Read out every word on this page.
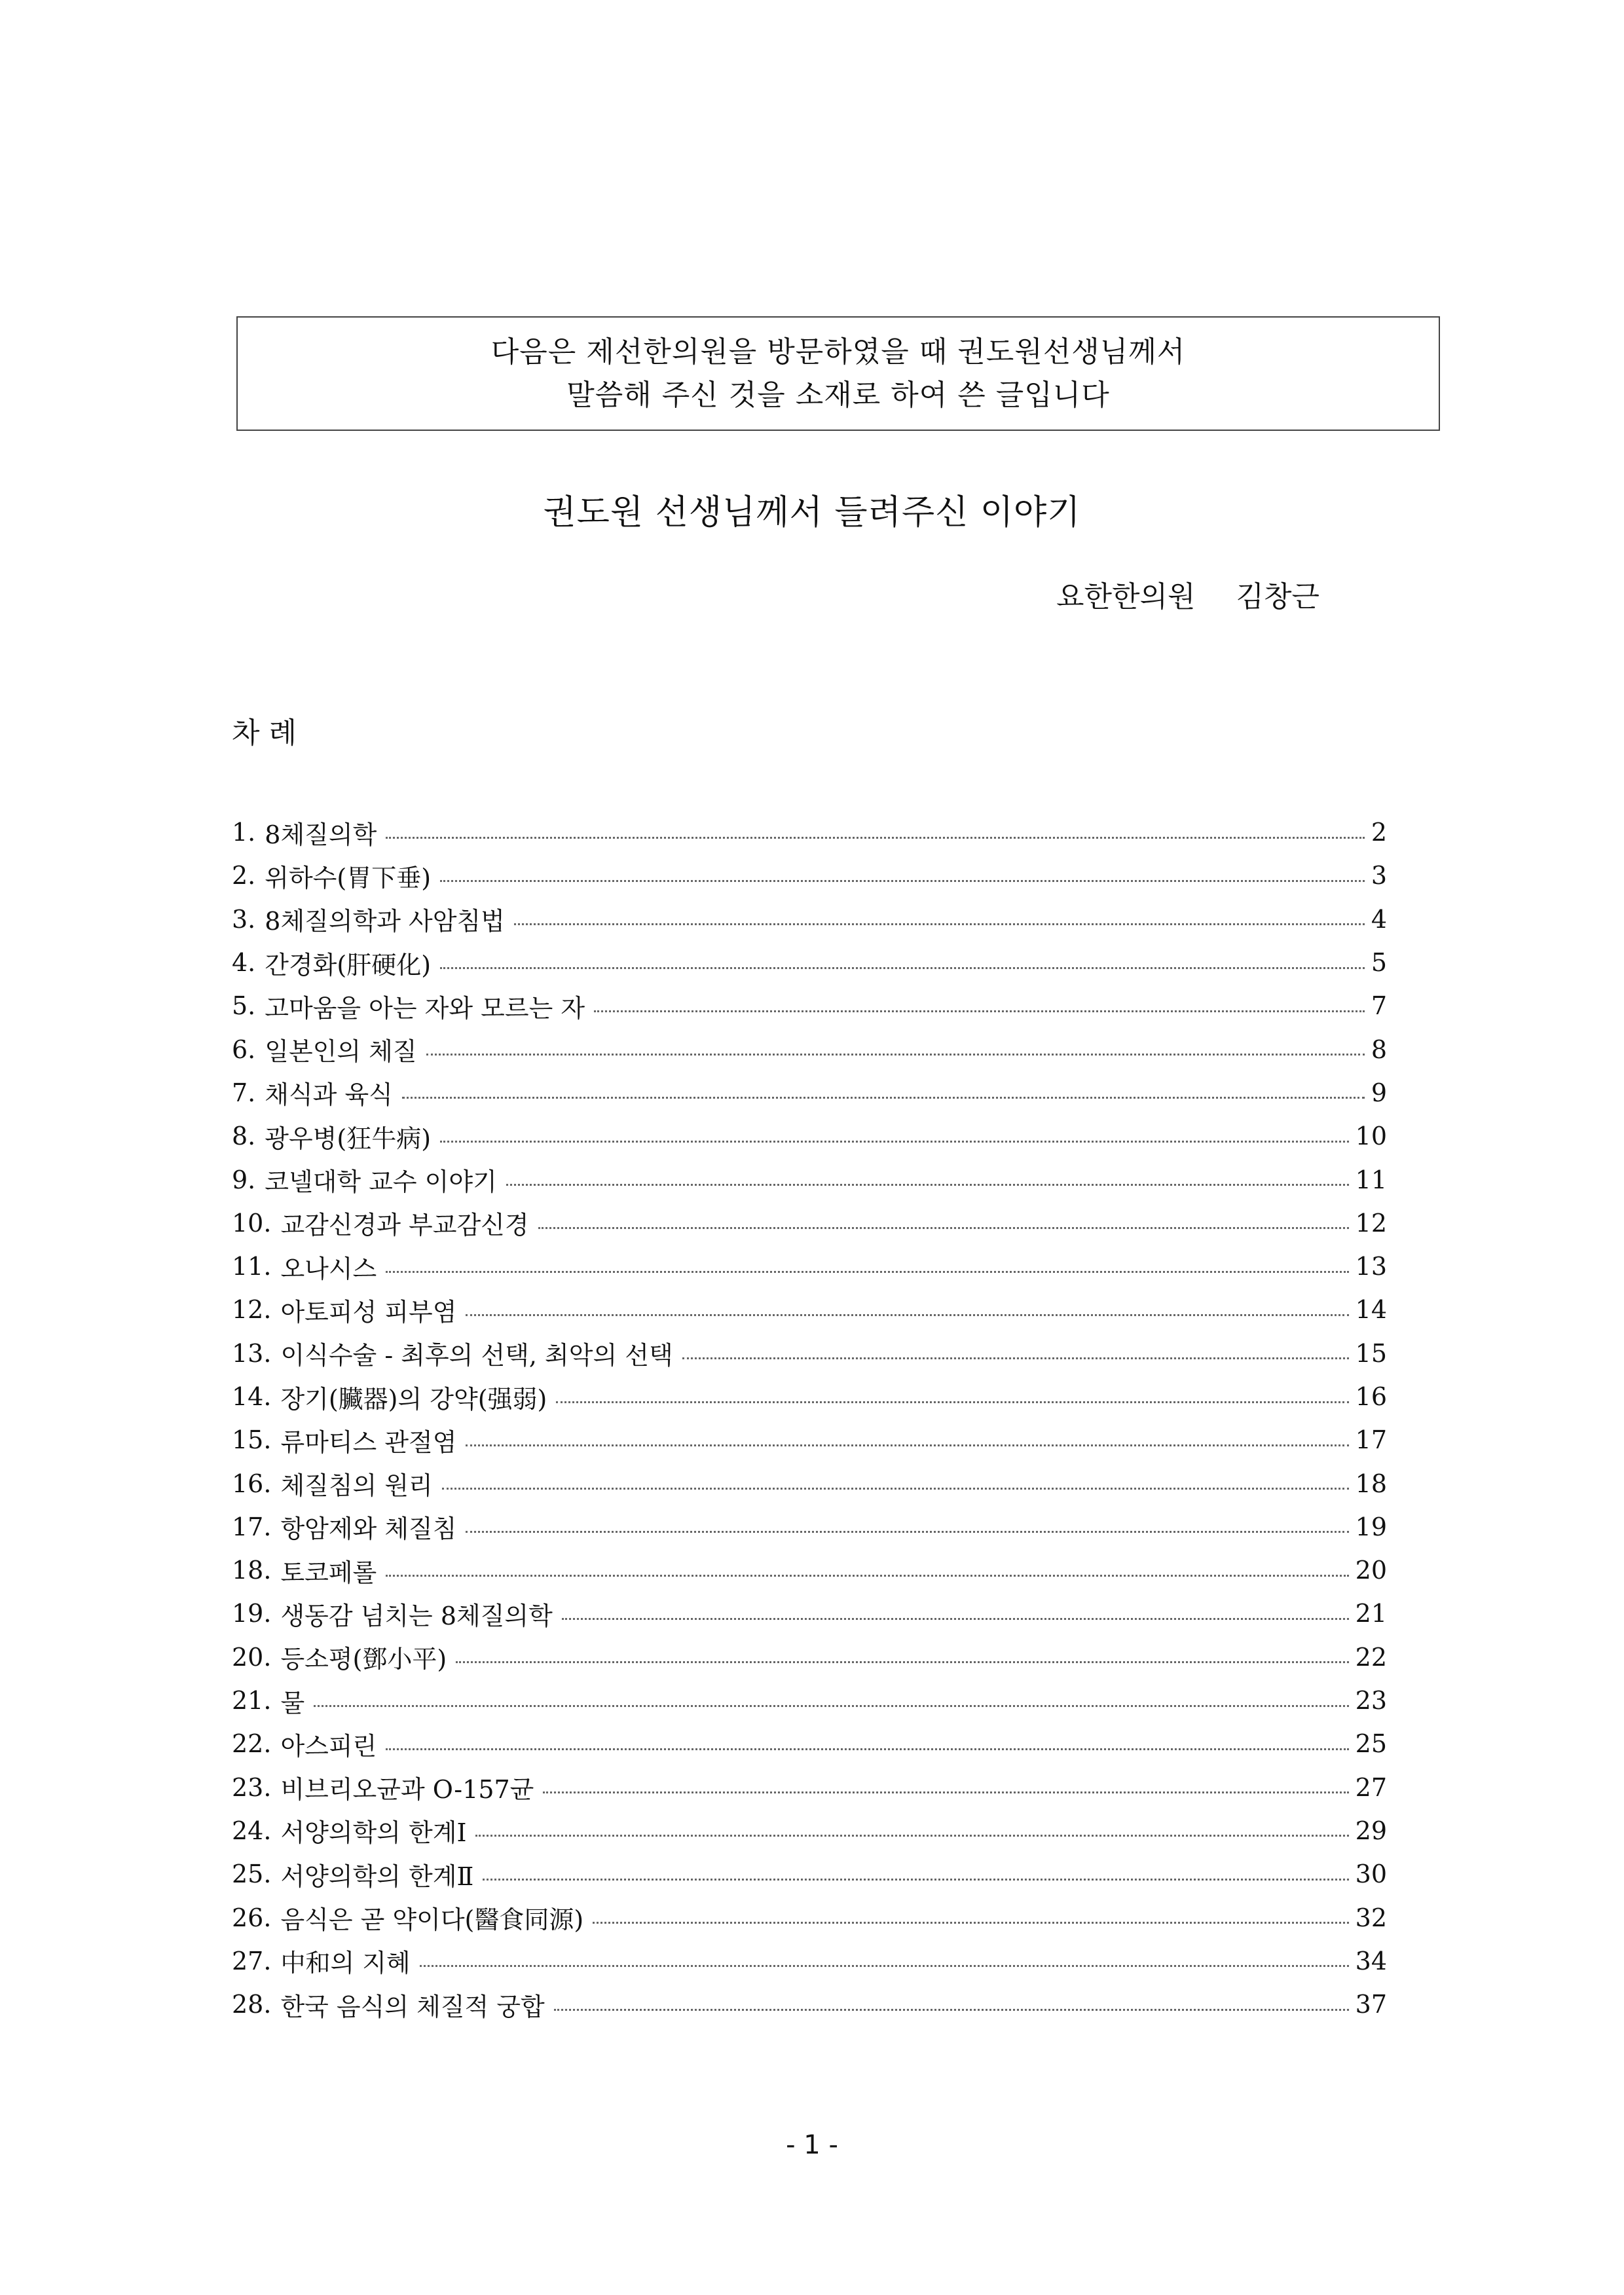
다음은 제선한의원을 방문하였을 때 권도원선생님께서
말씀해 주신 것을 소재로 하여 쓴 글입니다
권도원 선생님께서 들려주신 이야기
요한한의원 김창근
차 례
1. 8체질의학	2
2. 위하수(胃下垂)	3
3. 8체질의학과 사암침법	4
4. 간경화(肝硬化)	5
5. 고마움을 아는 자와 모르는 자	7
6. 일본인의 체질	8
7. 채식과 육식	9
8. 광우병(狂牛病)	10
9. 코넬대학 교수 이야기	11
10. 교감신경과 부교감신경	12
11. 오나시스	13
12. 아토피성 피부염	14
13. 이식수술 - 최후의 선택, 최악의 선택	15
14. 장기(臟器)의 강약(强弱)	16
15. 류마티스 관절염	17
16. 체질침의 원리	18
17. 항암제와 체질침	19
18. 토코페롤	20
19. 생동감 넘치는 8체질의학	21
20. 등소평(鄧小平)	22
21. 물	23
22. 아스피린	25
23. 비브리오균과 O-157균	27
24. 서양의학의 한계Ⅰ	29
25. 서양의학의 한계Ⅱ	30
26. 음식은 곧 약이다(醫食同源)	32
27. 中和의 지혜	34
28. 한국 음식의 체질적 궁합	37
- 1 -
